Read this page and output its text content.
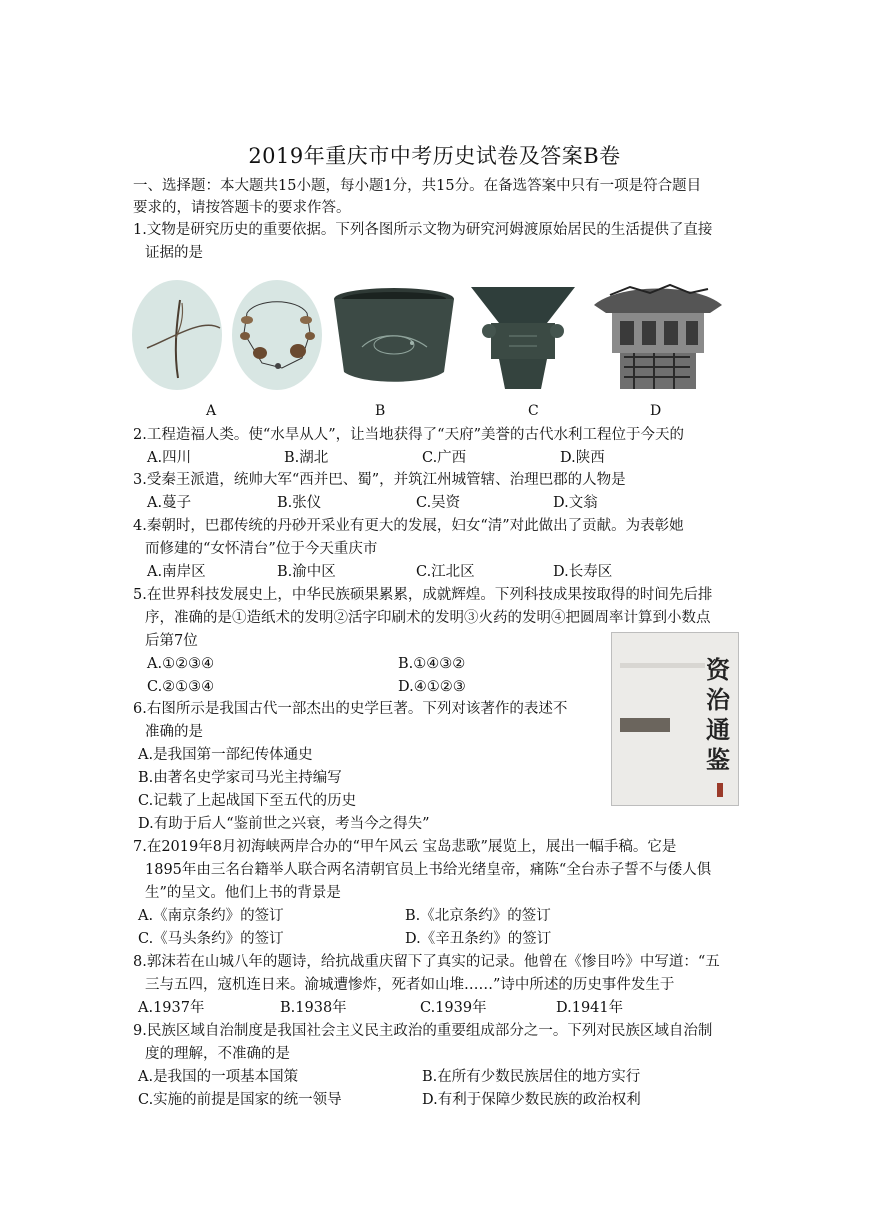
2019年重庆市中考历史试卷及答案B卷
一、选择题：本大题共15小题，每小题1分，共15分。在备选答案中只有一项是符合题目
要求的，请按答题卡的要求作答。
1.文物是研究历史的重要依据。下列各图所示文物为研究河姆渡原始居民的生活提供了直接
证据的是
A	B	C	D
2.工程造福人类。使“水旱从人”，让当地获得了“天府”美誉的古代水利工程位于今天的
A.四川	B.湖北	C.广西	D.陕西
3.受秦王派遣，统帅大军“西并巴、蜀”，并筑江州城管辖、治理巴郡的人物是
A.蔓子	B.张仪	C.吴资	D.文翁
4.秦朝时，巴郡传统的丹砂开采业有更大的发展，妇女“清”对此做出了贡献。为表彰她
而修建的“女怀清台”位于今天重庆市
A.南岸区	B.渝中区	C.江北区	D.长寿区
5.在世界科技发展史上，中华民族硕果累累，成就辉煌。下列科技成果按取得的时间先后排
序，准确的是①造纸术的发明②活字印刷术的发明③火药的发明④把圆周率计算到小数点
后第7位
A.①②③④	B.①④③②
C.②①③④	D.④①②③
资
治
通
鉴
6.右图所示是我国古代一部杰出的史学巨著。下列对该著作的表述不
准确的是
A.是我国第一部纪传体通史
B.由著名史学家司马光主持编写
C.记载了上起战国下至五代的历史
D.有助于后人“鉴前世之兴衰，考当今之得失”
7.在2019年8月初海峡两岸合办的“甲午风云 宝岛悲歌”展览上，展出一幅手稿。它是
1895年由三名台籍举人联合两名清朝官员上书给光绪皇帝，痛陈“全台赤子誓不与倭人俱
生”的呈文。他们上书的背景是
A.《南京条约》的签订	B.《北京条约》的签订
C.《马头条约》的签订	D.《辛丑条约》的签订
8.郭沫若在山城八年的题诗，给抗战重庆留下了真实的记录。他曾在《惨目吟》中写道：“五
三与五四，寇机连日来。渝城遭惨炸，死者如山堆……”诗中所述的历史事件发生于
A.1937年	B.1938年	C.1939年	D.1941年
9.民族区域自治制度是我国社会主义民主政治的重要组成部分之一。下列对民族区域自治制
度的理解，不准确的是
A.是我国的一项基本国策	B.在所有少数民族居住的地方实行
C.实施的前提是国家的统一领导	D.有利于保障少数民族的政治权利
